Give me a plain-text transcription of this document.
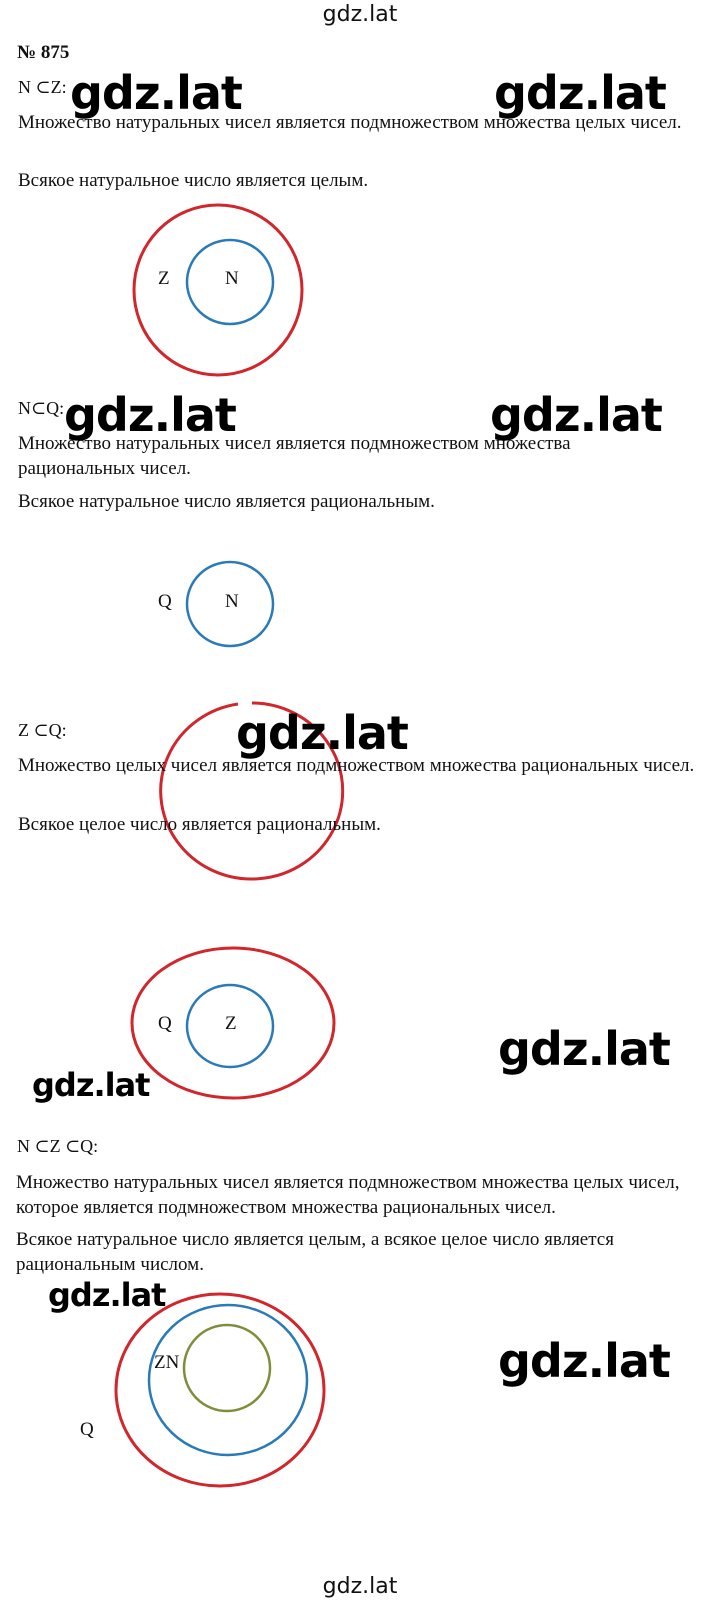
gdz.lat
№ 875
N ⊂Z:
Множество натуральных чисел является подмножеством множества целых чисел.
Всякое натуральное число является целым.
Z	N
Q	N
Q	Z
ZN
Q
N⊂Q:
Множество натуральных чисел является подмножеством множества рациональных чисел.
Всякое натуральное число является рациональным.
Z ⊂Q:
Множество целых чисел является подмножеством множества рациональных чисел.
Всякое целое число является рациональным.
N ⊂Z ⊂Q:
Множество натуральных чисел является подмножеством множества целых чисел, которое является подмножеством множества рациональных чисел.
Всякое натуральное число является целым, а всякое целое число является рациональным числом.
gdz.lat	gdz.lat
gdz.lat	gdz.lat
gdz.lat
gdz.lat
gdz.lat
gdz.lat
gdz.lat
gdz.lat
